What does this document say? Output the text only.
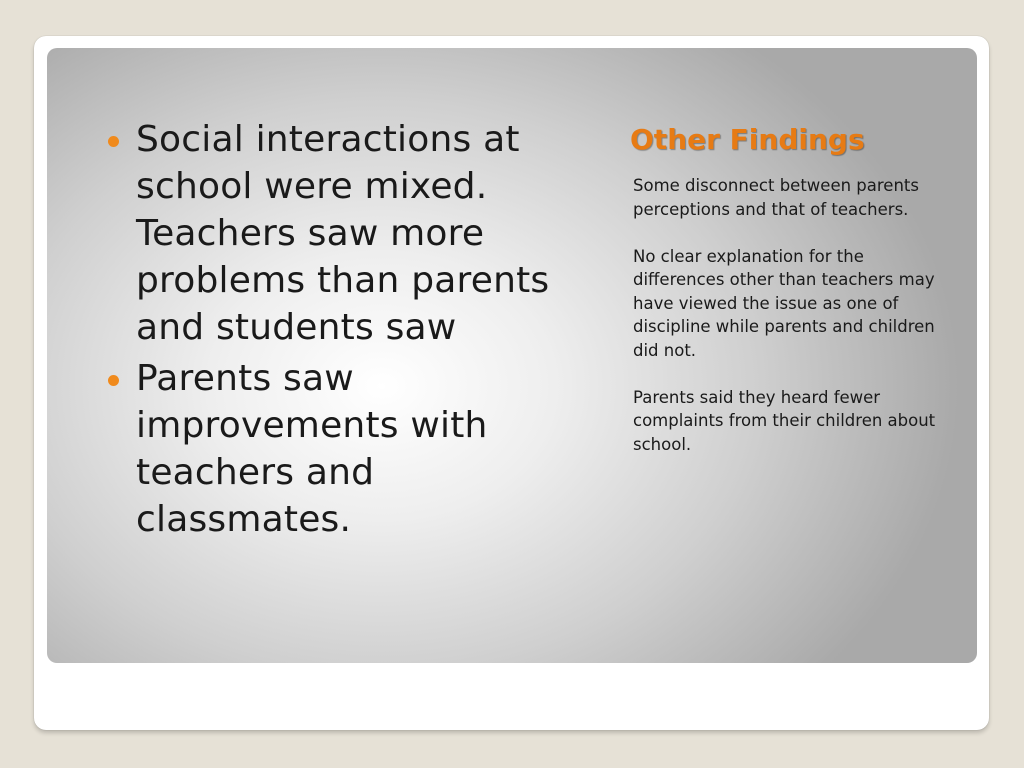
Social interactions at school were mixed. Teachers saw more problems than parents and students saw
Parents saw improvements with teachers and classmates.
Other Findings

Some disconnect between parents perceptions and that of teachers.

No clear explanation for the differences other than teachers may have viewed the issue as one of discipline while parents and children did not.

Parents said they heard fewer complaints from their children about school.
